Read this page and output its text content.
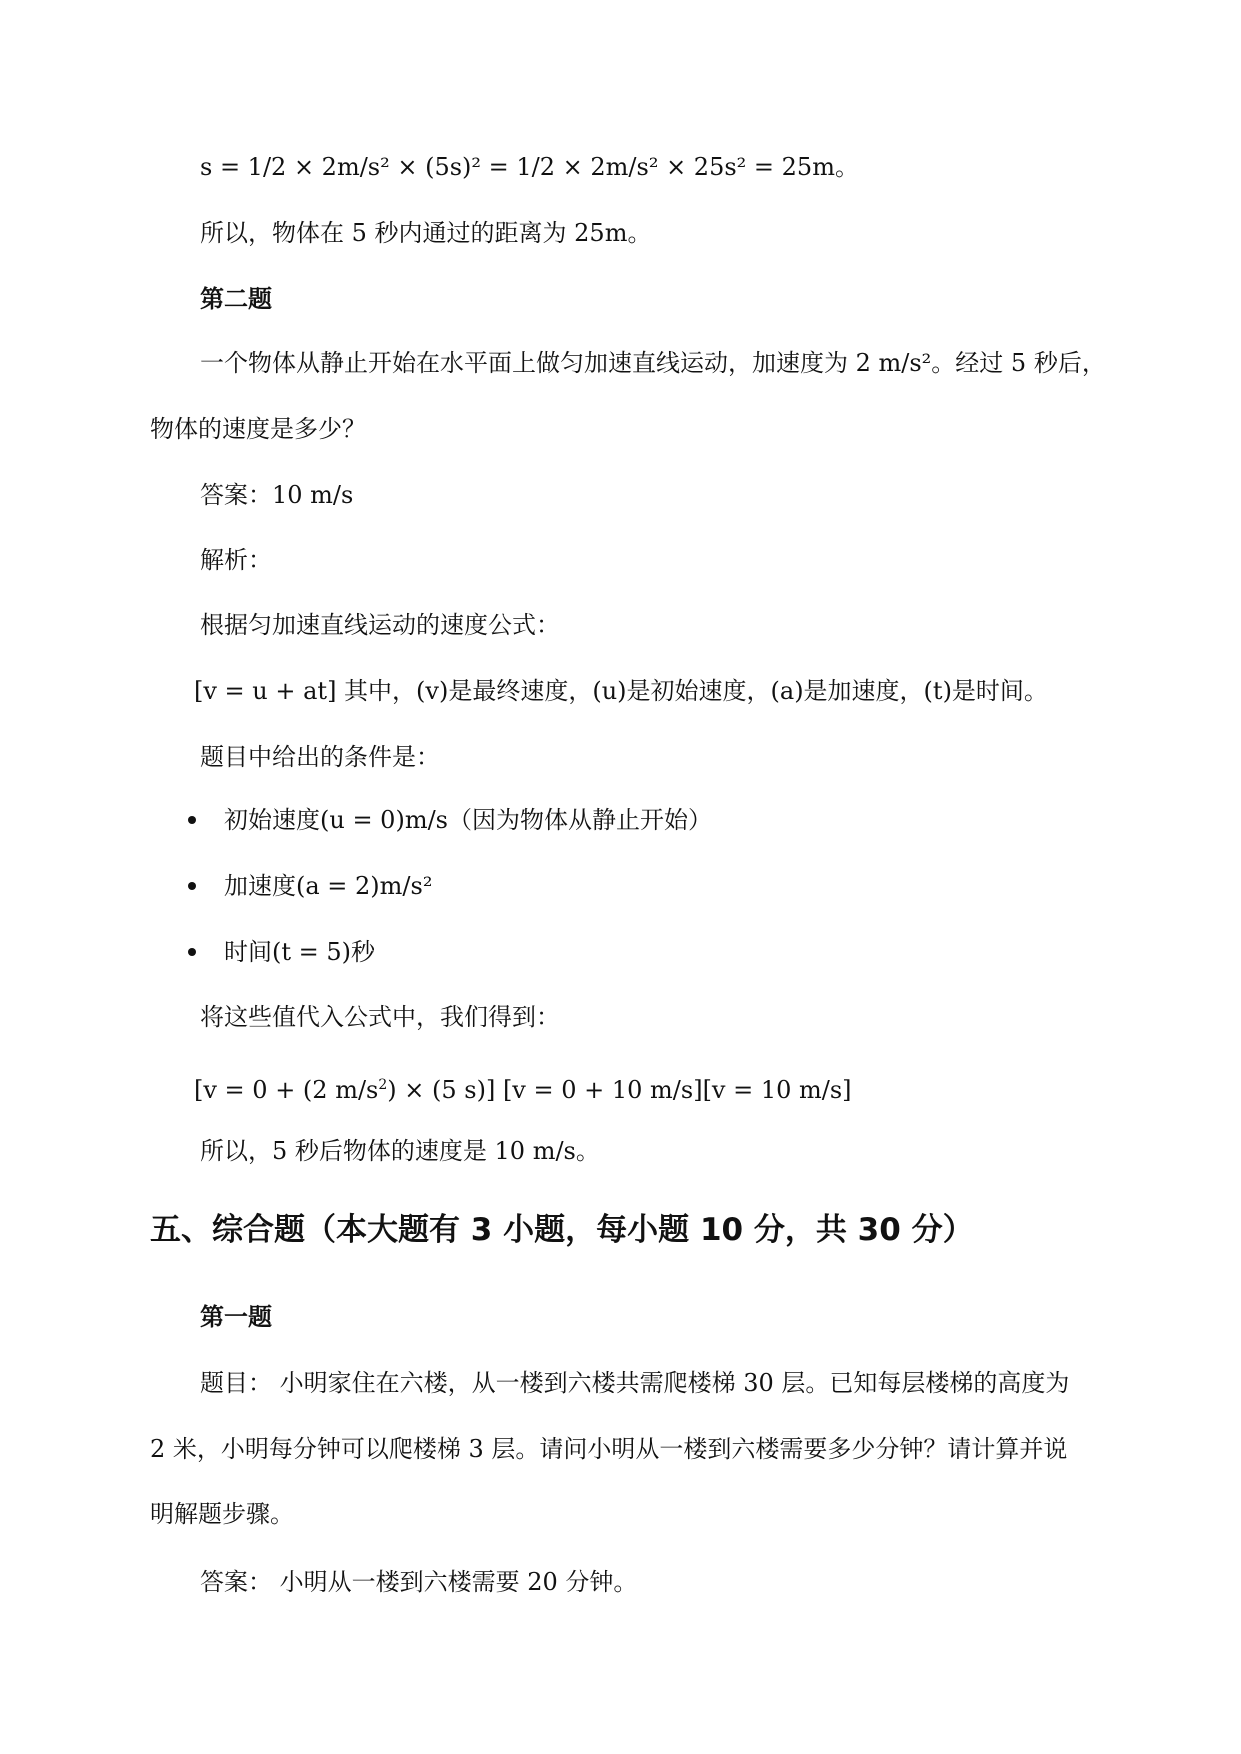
s = 1/2 × 2m/s² × (5s)² = 1/2 × 2m/s² × 25s² = 25m。
所以，物体在 5 秒内通过的距离为 25m。
第二题
一个物体从静止开始在水平面上做匀加速直线运动，加速度为 2 m/s²。经过 5 秒后，
物体的速度是多少？
答案：10 m/s
解析：
根据匀加速直线运动的速度公式：
[v = u + at] 其中，(v)是最终速度，(u)是初始速度，(a)是加速度，(t)是时间。
题目中给出的条件是：
初始速度(u = 0)m/s（因为物体从静止开始）
加速度(a = 2)m/s²
时间(t = 5)秒
将这些值代入公式中，我们得到：
[v = 0 + (2 $m/s^2) \times (5$ s)] [v = 0 + 10 m/s][v = 10 m/s]
所以，5 秒后物体的速度是 10 m/s。
五、综合题（本大题有 3 小题，每小题 10 分，共 30 分）
第一题
题目： 小明家住在六楼，从一楼到六楼共需爬楼梯 30 层。已知每层楼梯的高度为
2 米，小明每分钟可以爬楼梯 3 层。请问小明从一楼到六楼需要多少分钟？请计算并说
明解题步骤。
答案： 小明从一楼到六楼需要 20 分钟。
